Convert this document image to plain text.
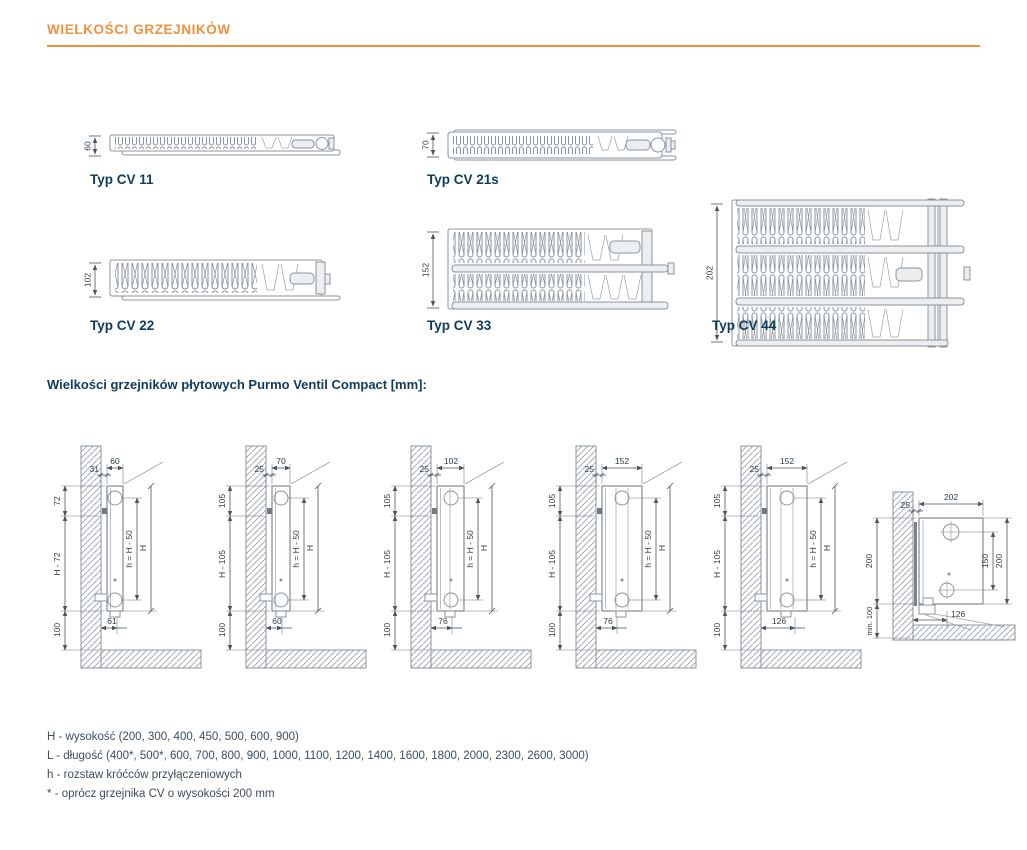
WIELKOŚCI GRZEJNIKÓW
60
Typ CV 11
70
Typ CV 21s
102
Typ CV 22
152
Typ CV 33
202
Typ CV 44
Wielkości grzejników płytowych Purmo Ventil Compact [mm]:
60
31
72
H - 72
100
h = H - 50 H
61
70
25
105
H - 105
100
h = H - 50 H
60
102
25
105
H - 105
100
h = H - 50 H
76
152
25
105
H - 105
100
h = H - 50 H
76
152
25
105
H - 105
100
h = H - 50 H
126
202
25
200
min. 100
150 200
126

H - wysokość (200, 300, 400, 450, 500, 600, 900)

L - długość (400*, 500*, 600, 700, 800, 900, 1000, 1100, 1200, 1400, 1600, 1800, 2000, 2300, 2600, 3000)

h - rozstaw króćców przyłączeniowych

* - oprócz grzejnika CV o wysokości 200 mm
